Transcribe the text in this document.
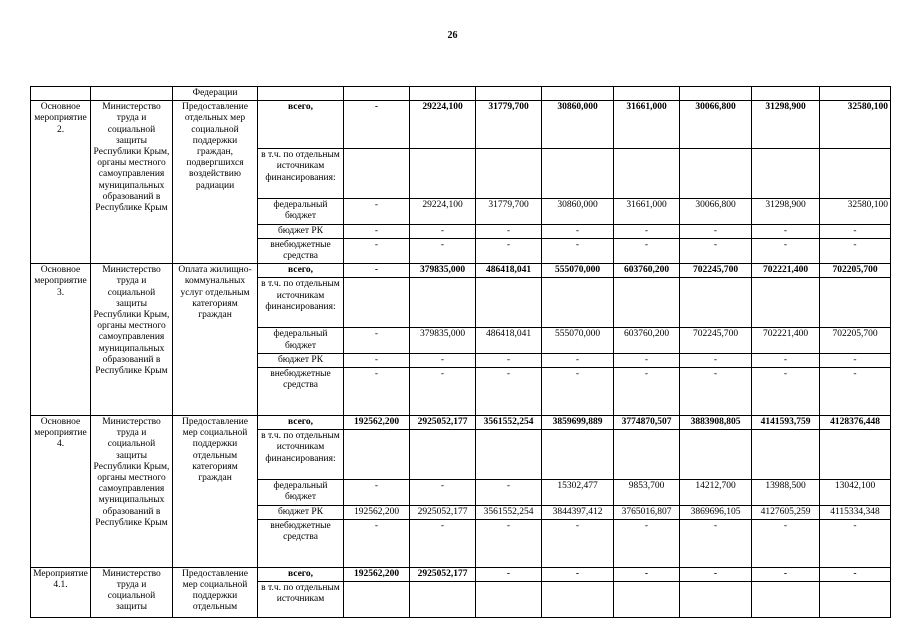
26
		Федерации									
Основное мероприятие 2.	Министерство труда и социальной защиты Республики Крым, органы местного самоуправления муниципальных образований в Республике Крым	Предоставление отдельных мер социальной поддержки граждан, подвергшихся воздействию радиации	всего,	-	29224,100	31779,700	30860,000	31661,000	30066,800	31298,900	32580,100
			в т.ч. по отдельным источникам финансирования:								
			федеральный бюджет	-	29224,100	31779,700	30860,000	31661,000	30066,800	31298,900	32580,100
			бюджет РК	-	-	-	-	-	-	-	-
			внебюджетные средства	-	-	-	-	-	-	-	-
Основное мероприятие 3.	Министерство труда и социальной защиты Республики Крым, органы местного самоуправления муниципальных образований в Республике Крым	Оплата жилищно-коммунальных услуг отдельным категориям граждан	всего,	-	379835,000	486418,041	555070,000	603760,200	702245,700	702221,400	702205,700
			в т.ч. по отдельным источникам финансирования:								
			федеральный бюджет	-	379835,000	486418,041	555070,000	603760,200	702245,700	702221,400	702205,700
			бюджет РК	-	-	-	-	-	-	-	-
			внебюджетные средства	-	-	-	-	-	-	-	-
Основное мероприятие 4.	Министерство труда и социальной защиты Республики Крым, органы местного самоуправления муниципальных образований в Республике Крым	Предоставление мер социальной поддержки отдельным категориям граждан	всего,	192562,200	2925052,177	3561552,254	3859699,889	3774870,507	3883908,805	4141593,759	4128376,448
			в т.ч. по отдельным источникам финансирования:								
			федеральный бюджет	-	-	-	15302,477	9853,700	14212,700	13988,500	13042,100
			бюджет РК	192562,200	2925052,177	3561552,254	3844397,412	3765016,807	3869696,105	4127605,259	4115334,348
			внебюджетные средства	-	-	-	-	-	-	-	-
Мероприятие 4.1.	Министерство труда и социальной защиты	Предоставление мер социальной поддержки отдельным	всего,	192562,200	2925052,177	-	-	-	-	-	-
			в т.ч. по отдельным источникам								
